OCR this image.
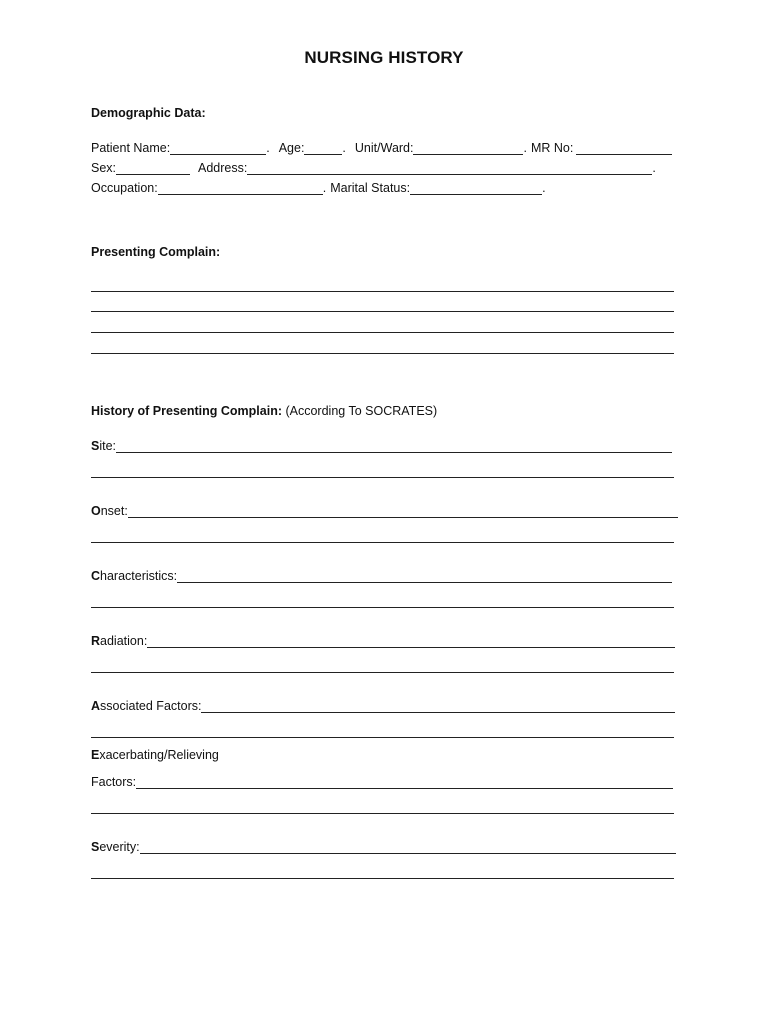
NURSING HISTORY
Demographic Data:
Patient Name:	. Age:	. Unit/Ward:	. MR No:
Sex:	Address:	.
Occupation:	. Marital Status:	.
Presenting Complain:
History of Presenting Complain: (According To SOCRATES)
S ite:
O nset:
C haracteristics:
R adiation:
A ssociated Factors:
E xacerbating/Relieving
Factors:
S everity:
